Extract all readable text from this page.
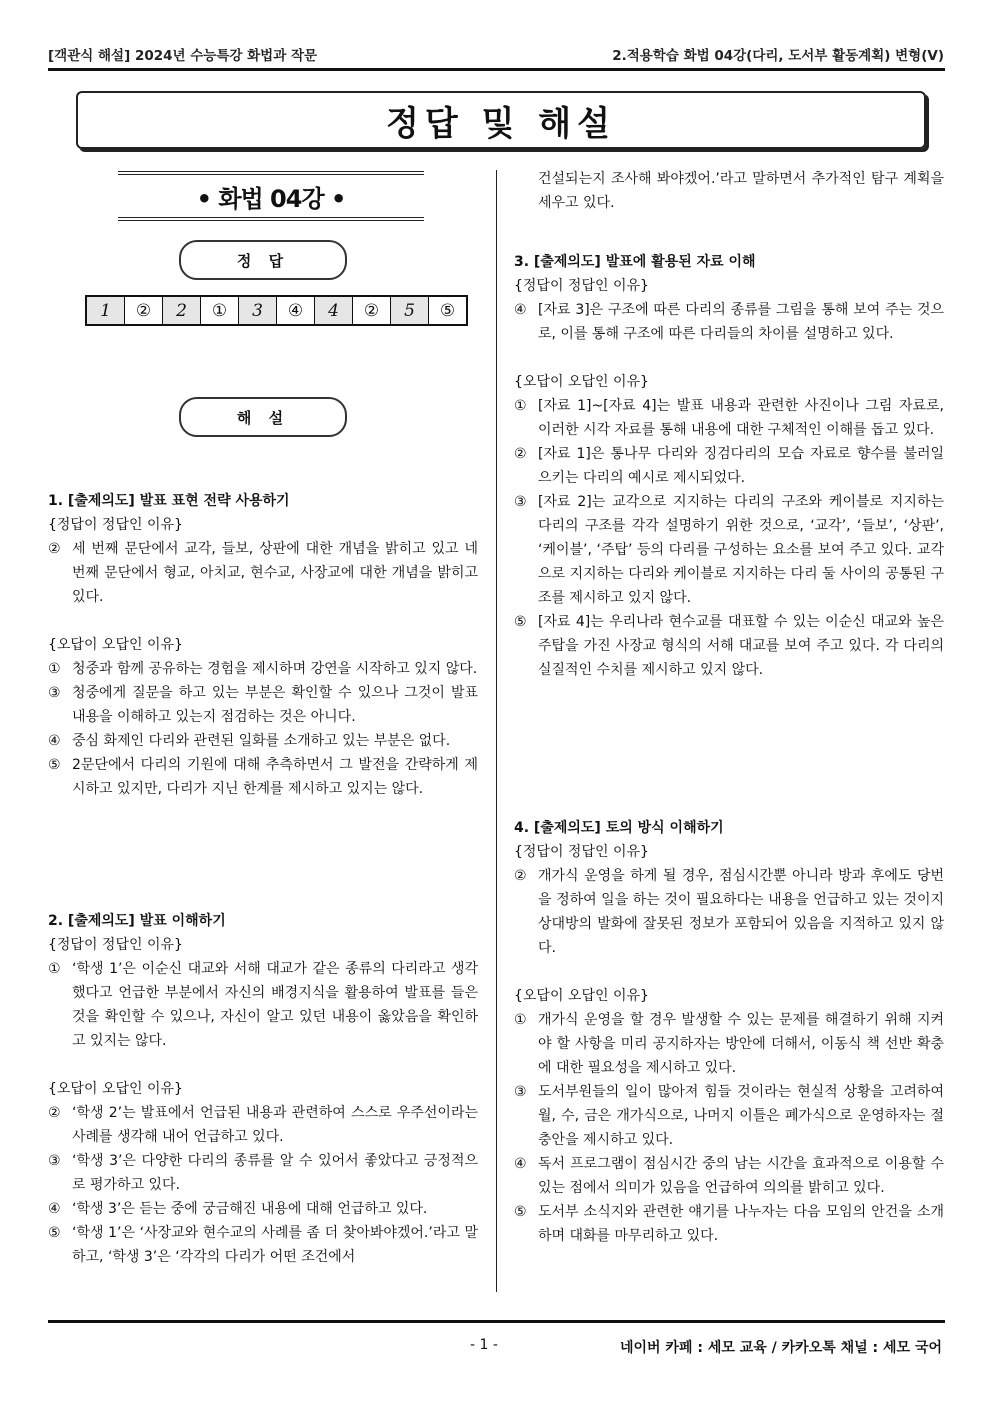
[객관식 해설] 2024년 수능특강 화법과 작문	2.적용학습 화법 04강(다리, 도서부 활동계획) 변형(V)
정답 및 해설
• 화법 04강 •
정 답
1	②	2	①	3	④	4	②	5	⑤
해 설
건설되는지 조사해 봐야겠어.’라고 말하면서 추가적인 탐구 계획을 세우고 있다.
1. [출제의도] 발표 표현 전략 사용하기
{정답이 정답인 이유}
② 세 번째 문단에서 교각, 들보, 상판에 대한 개념을 밝히고 있고 네 번째 문단에서 형교, 아치교, 현수교, 사장교에 대한 개념을 밝히고 있다.
{오답이 오답인 이유}
① 청중과 함께 공유하는 경험을 제시하며 강연을 시작하고 있지 않다.
③ 청중에게 질문을 하고 있는 부분은 확인할 수 있으나 그것이 발표 내용을 이해하고 있는지 점검하는 것은 아니다.
④ 중심 화제인 다리와 관련된 일화를 소개하고 있는 부분은 없다.
⑤ 2문단에서 다리의 기원에 대해 추측하면서 그 발전을 간략하게 제시하고 있지만, 다리가 지닌 한계를 제시하고 있지는 않다.
2. [출제의도] 발표 이해하기
{정답이 정답인 이유}
① ‘학생 1’은 이순신 대교와 서해 대교가 같은 종류의 다리라고 생각했다고 언급한 부분에서 자신의 배경지식을 활용하여 발표를 들은 것을 확인할 수 있으나, 자신이 알고 있던 내용이 옳았음을 확인하고 있지는 않다.
{오답이 오답인 이유}
② ‘학생 2’는 발표에서 언급된 내용과 관련하여 스스로 우주선이라는 사례를 생각해 내어 언급하고 있다.
③ ‘학생 3’은 다양한 다리의 종류를 알 수 있어서 좋았다고 긍정적으로 평가하고 있다.
④ ‘학생 3’은 듣는 중에 궁금해진 내용에 대해 언급하고 있다.
⑤ ‘학생 1’은 ‘사장교와 현수교의 사례를 좀 더 찾아봐야겠어.’라고 말하고, ‘학생 3’은 ‘각각의 다리가 어떤 조건에서
3. [출제의도] 발표에 활용된 자료 이해
{정답이 정답인 이유}
④ [자료 3]은 구조에 따른 다리의 종류를 그림을 통해 보여 주는 것으로, 이를 통해 구조에 따른 다리들의 차이를 설명하고 있다.
{오답이 오답인 이유}
① [자료 1]~[자료 4]는 발표 내용과 관련한 사진이나 그림 자료로, 이러한 시각 자료를 통해 내용에 대한 구체적인 이해를 돕고 있다.
② [자료 1]은 통나무 다리와 징검다리의 모습 자료로 향수를 불러일으키는 다리의 예시로 제시되었다.
③ [자료 2]는 교각으로 지지하는 다리의 구조와 케이블로 지지하는 다리의 구조를 각각 설명하기 위한 것으로, ‘교각’, ‘들보’, ‘상판’, ‘케이블’, ‘주탑’ 등의 다리를 구성하는 요소를 보여 주고 있다. 교각으로 지지하는 다리와 케이블로 지지하는 다리 둘 사이의 공통된 구조를 제시하고 있지 않다.
⑤ [자료 4]는 우리나라 현수교를 대표할 수 있는 이순신 대교와 높은 주탑을 가진 사장교 형식의 서해 대교를 보여 주고 있다. 각 다리의 실질적인 수치를 제시하고 있지 않다.
4. [출제의도] 토의 방식 이해하기
{정답이 정답인 이유}
② 개가식 운영을 하게 될 경우, 점심시간뿐 아니라 방과 후에도 당번을 정하여 일을 하는 것이 필요하다는 내용을 언급하고 있는 것이지 상대방의 발화에 잘못된 정보가 포함되어 있음을 지적하고 있지 않다.
{오답이 오답인 이유}
① 개가식 운영을 할 경우 발생할 수 있는 문제를 해결하기 위해 지켜야 할 사항을 미리 공지하자는 방안에 더해서, 이동식 책 선반 확충에 대한 필요성을 제시하고 있다.
③ 도서부원들의 일이 많아져 힘들 것이라는 현실적 상황을 고려하여 월, 수, 금은 개가식으로, 나머지 이틀은 폐가식으로 운영하자는 절충안을 제시하고 있다.
④ 독서 프로그램이 점심시간 중의 남는 시간을 효과적으로 이용할 수 있는 점에서 의미가 있음을 언급하여 의의를 밝히고 있다.
⑤ 도서부 소식지와 관련한 얘기를 나누자는 다음 모임의 안건을 소개하며 대화를 마무리하고 있다.
- 1 -	네이버 카페 : 세모 교육 / 카카오톡 채널 : 세모 국어
